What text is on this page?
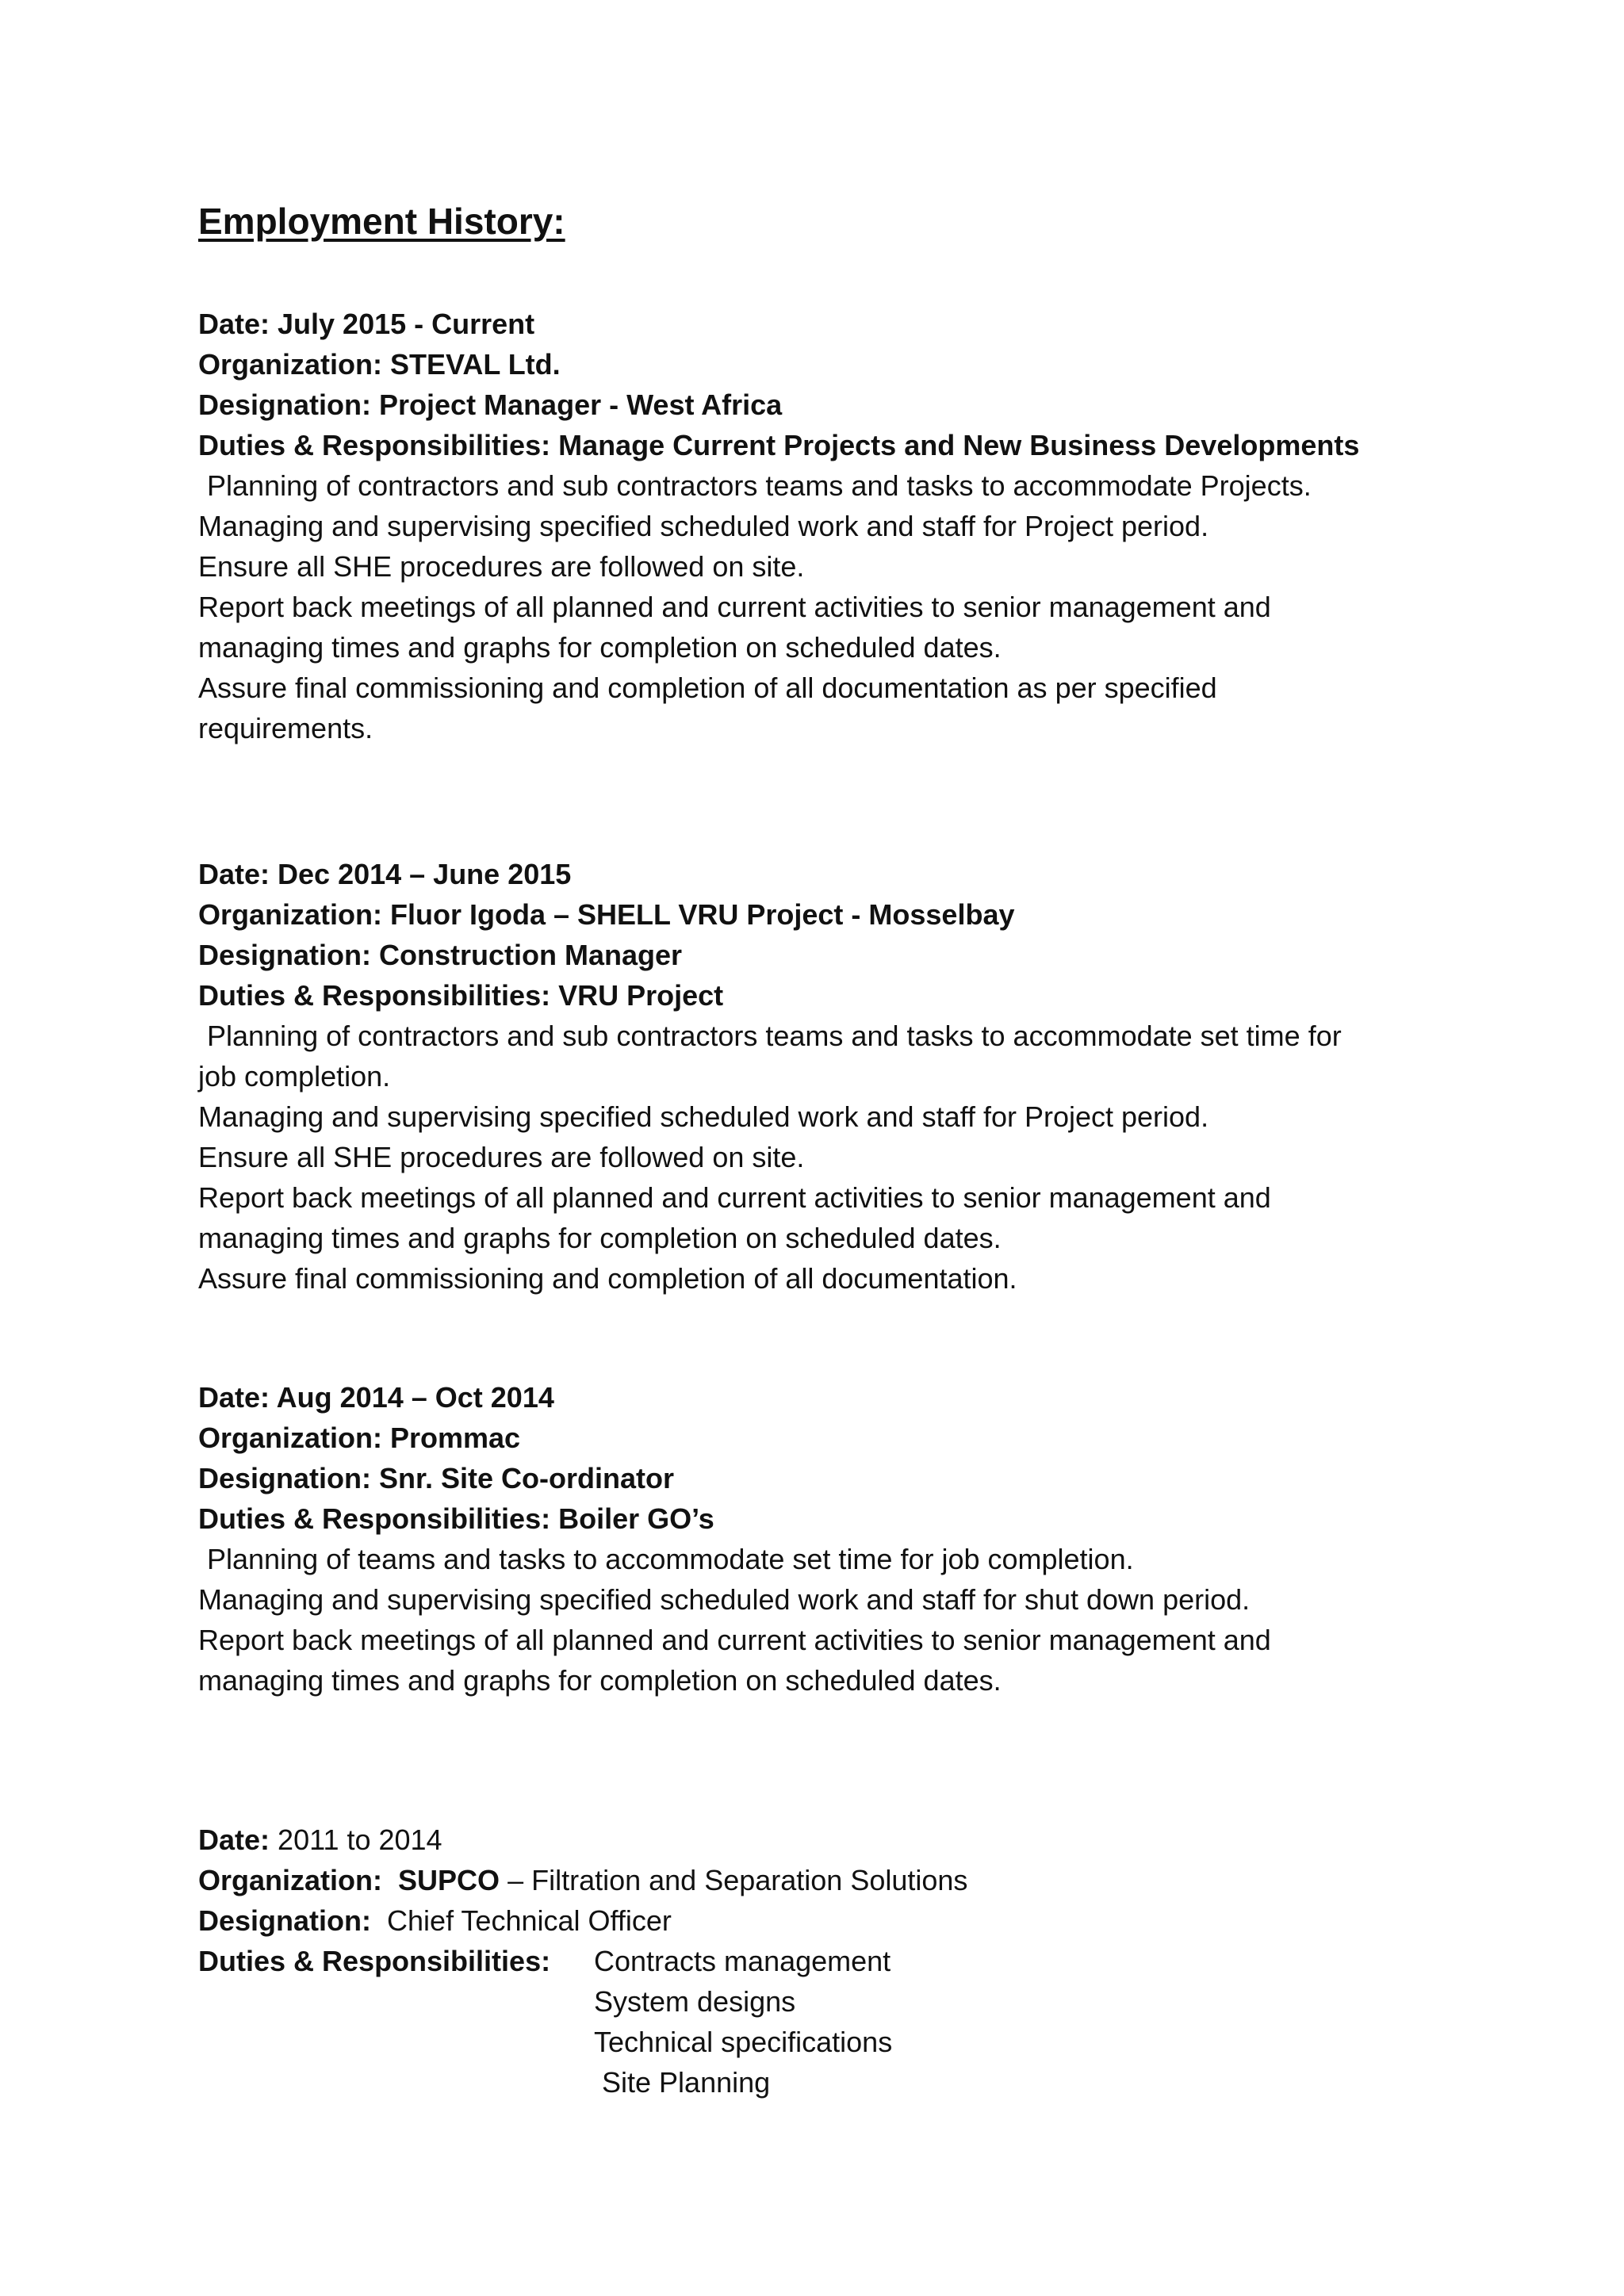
Employment History:
Date: July 2015 - Current
Organization: STEVAL Ltd.
Designation: Project Manager - West Africa
Duties & Responsibilities: Manage Current Projects and New Business Developments
Planning of contractors and sub contractors teams and tasks to accommodate Projects.
Managing and supervising specified scheduled work and staff for Project period.
Ensure all SHE procedures are followed on site.
Report back meetings of all planned and current activities to senior management and
managing times and graphs for completion on scheduled dates.
Assure final commissioning and completion of all documentation as per specified
requirements.
Date: Dec 2014 – June 2015
Organization: Fluor Igoda – SHELL VRU Project - Mosselbay
Designation: Construction Manager
Duties & Responsibilities: VRU Project
Planning of contractors and sub contractors teams and tasks to accommodate set time for
job completion.
Managing and supervising specified scheduled work and staff for Project period.
Ensure all SHE procedures are followed on site.
Report back meetings of all planned and current activities to senior management and
managing times and graphs for completion on scheduled dates.
Assure final commissioning and completion of all documentation.
Date: Aug 2014 – Oct 2014
Organization: Prommac
Designation: Snr. Site Co-ordinator
Duties & Responsibilities: Boiler GO’s
Planning of teams and tasks to accommodate set time for job completion.
Managing and supervising specified scheduled work and staff for shut down period.
Report back meetings of all planned and current activities to senior management and
managing times and graphs for completion on scheduled dates.
Date: 2011 to 2014
Organization: SUPCO – Filtration and Separation Solutions
Designation: Chief Technical Officer
Duties & Responsibilities:	Contracts management
System designs
Technical specifications
Site Planning
